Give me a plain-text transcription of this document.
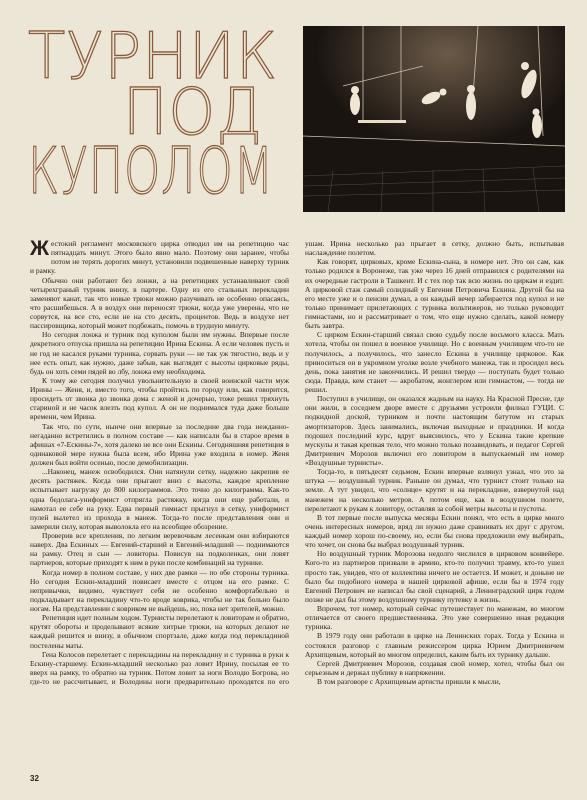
ТУРНИК
ПОД
КУПОЛОМ

Жестокий регламент московского цирка отводил им на репетицию час пятнадцать минут. Этого было явно мало. Поэтому они заранее, чтобы потом не терять дорогих минут, установили подвешенные наверху турник и рамку.

Обычно они работают без лонжи, а на репетициях устанавливают свой четырехграный турник внизу, в партере. Одну из его стальных перекладин заменяют канат, так что новые трюки можно разучивать не особенно опасаясь, что расшибешься. А в воздух они переносят трюки, когда уже уверены, что не сорвутся, на все сто, если не на сто десять, процентов. Ведь в воздухе нет пассировщика, который может подбежать, помочь в трудную минуту.

Но сегодня лонжа и турник под куполом были им нужны. Впервые после декретного отпуска пришла на репетицию Ирина Ескина. А если человек пусть и не год не касался руками турника, сорвать руки — не так уж тягостно, ведь и у нее есть опыт, как нужно, даже забыв, как выглядят с высоты цирковые ряды, будь он хоть семи пядей во лбу, лонжа ему необходима.

К тому же сегодня получил увольнительную в своей воинской части муж Ирины — Женя, и, вместо того, чтобы пройтись по городу или, как говорится, просидеть от звонка до звонка дома с женой и дочерью, тоже решил тряхнуть стариной и не часок влезть под купол. А он не поднимался туда даже больше времени, чем Ирина.

Так что, по сути, нынче они впервые за последние два года нежданно-негаданно встретились в полном составе — как написали бы в старое время в афишах «7-Ескины-7», хотя далеко не все они Ескины. Сегодняшняя репетиция в одинаковой мере нужна была всем, ибо Ирина уже входила в номер. Женя должен был войти осенью, после демобилизации.

...Наконец, манеж освободился. Они натянули сетку, надежно закрепив ее десять растяжек. Когда они прыгают вниз с высоты, каждое крепление испытывает нагрузку до 800 килограммов. Это точно до килограмма. Как-то одна бедолага-униформист отпрягла растяжку, когда они еще работали, и намотал ее себе на руку. Едва первый гимнаст прыгнул в сетку, униформист пулей вылетел из прохода в манеж. Тогда-то после представления они и замерили силу, которая выволокла его на всеобщее обозрение.

Проверив все крепления, по легким веревочным лесенкам они взбираются наверх. Два Ескиных — Евгений-старший и Евгений-младший — поднимаются на рамку. Отец и сын — ловиторы. Повисув на подколенках, они ловят партнеров, которые приходят к ним в руки после комбинаций на турнике.

Когда номер в полном составе, у них две рамки — по обе стороны турника. Но сегодня Ескин-младший повисает вместе с отцом на его рамке. С непривычки, видимо, чувствует себя не особенно комфортабельно и подкладывает на перекладину что-то вроде коврика, чтобы не так больно было ногам. На представлении с ковриком не выйдешь, но, пока нет зрителей, можно.

Репетиция идет полным ходом. Турнисты перелетают к ловиторам и обратно, крутят обороты и проделывают всякие хитрые трюки, на которых делают не каждый решится и внизу, в обычном спортзале, даже когда под перекладиной постелены маты.

Гена Колосов перелетает с перекладины на перекладину и с турника в руки к Ескину-старшему. Ескин-младший несколько раз ловит Ирину, посылая ее то вверх на рамку, то обратно на турник. Потом ловит за ноги Володю Богрова, но где-то не рассчитывает, и Володины ноги предварительно проходятся по его ушам. Ирина несколько раз прыгает в сетку, должно быть, испытывая наслаждение полетом.

Как говорят, цирковых, кроме Ескина-сына, в номере нет. Это он сам, как только родился в Воронеже, так уже через 16 дней отправился с родителями на их очередные гастроли в Ташкент. И с тех пор так всю жизнь по циркам и ездит. А цирковой стаж самый солидный у Евгения Петровича Ескина. Другой бы на его месте уже и о пенсии думал, а он каждый вечер забирается под купол и не только принимает прилетающих с турника вольтижеров, но только руководит гимнастами, но и рассматривает о том, что еще нужно сделать, какой номеру быть завтра.

С цирком Ескин-старший связал свою судьбу после восьмого класса. Мать хотела, чтобы он пошел в военное училище. Но с военным училищем что-то не получилось, а получилось, что занесло Ескина в училище цирковое. Как приноситься он в укромном уголке возле учебного манежа, так и просидел весь день, пока занятия не закончились. И решил твердо — поступать будет только сюда. Правда, кем станет — акробатом, жонглером или гимнастом, — тогда не решил.

Поступил в училище, он оказался жадным на науку. На Красной Пресне, где они жили, в соседнем дворе вместе с друзьями устроили филиал ГУЦИ. С подкидной доской, турником и почти настоящим батутом из старых амортизаторов. Здесь занимались, включая выходные и праздники. И когда подошел последний курс, вдруг выяснилось, что у Ескина такие крепкие мускулы и такая крепкая тело, что можно только позавидовать, и педагог Сергей Дмитриевич Морозов включил его ловитором в выпускаемый им номер «Воздушные турнисты».

Тогда-то, в пятьдесят седьмом, Ескин впервые взлянул узнал, что это за штука — воздушный турник. Раньше он думал, что турнист стоит только на земле. А тут увидел, что «солнце» крутят и на перекладине, взвернутой над манежем на несколько метров. А потом еще, как в воздушном полете, перелетают к рукам к ловитору, оставляя за собой метры высоты и пустоты.

В тот первые после выпуска месяцы Ескин понял, что есть в цирке много очень интересных номеров, вряд ли нужно даже сравнивать их друг с другом, каждый номер хорош по-своему, но, если бы снова предложили ему выбирать, что хочет, он снова бы выбрал воздушный турник.

Но воздушный турник Морозова недолго числился в цирковом конвейере. Кого-то из партнеров призвали в армию, кто-то получил травму, кто-то ушел просто так, увидев, что от коллектива ничего не остается. И может, и доныне не было бы подобного номера в нашей цирковой афише, если бы в 1974 году Евгений Петрович не написал бы свой сценарий, а Ленинградский цирк годом позже не дал бы этому воздушному турнику путевку в жизнь.

Впрочем, тот номер, который сейчас путешествует по манежам, во многом отличается от своего предшественника. Это уже совершенно иная редакция турника.

В 1979 году они работали в цирке на Ленинских горах. Тогда у Ескина и состоялся разговор с главным режиссером цирка Юрием Дмитриевичем Архипцевым, который во многом определил, каким быть их турнику дальше.

Сергей Дмитриевич Морозов, создавая свой номер, хотел, чтобы был он серьезным и держал публику в напряжении.

В том разговоре с Архипцевым артисты пришли к мысли,

32
